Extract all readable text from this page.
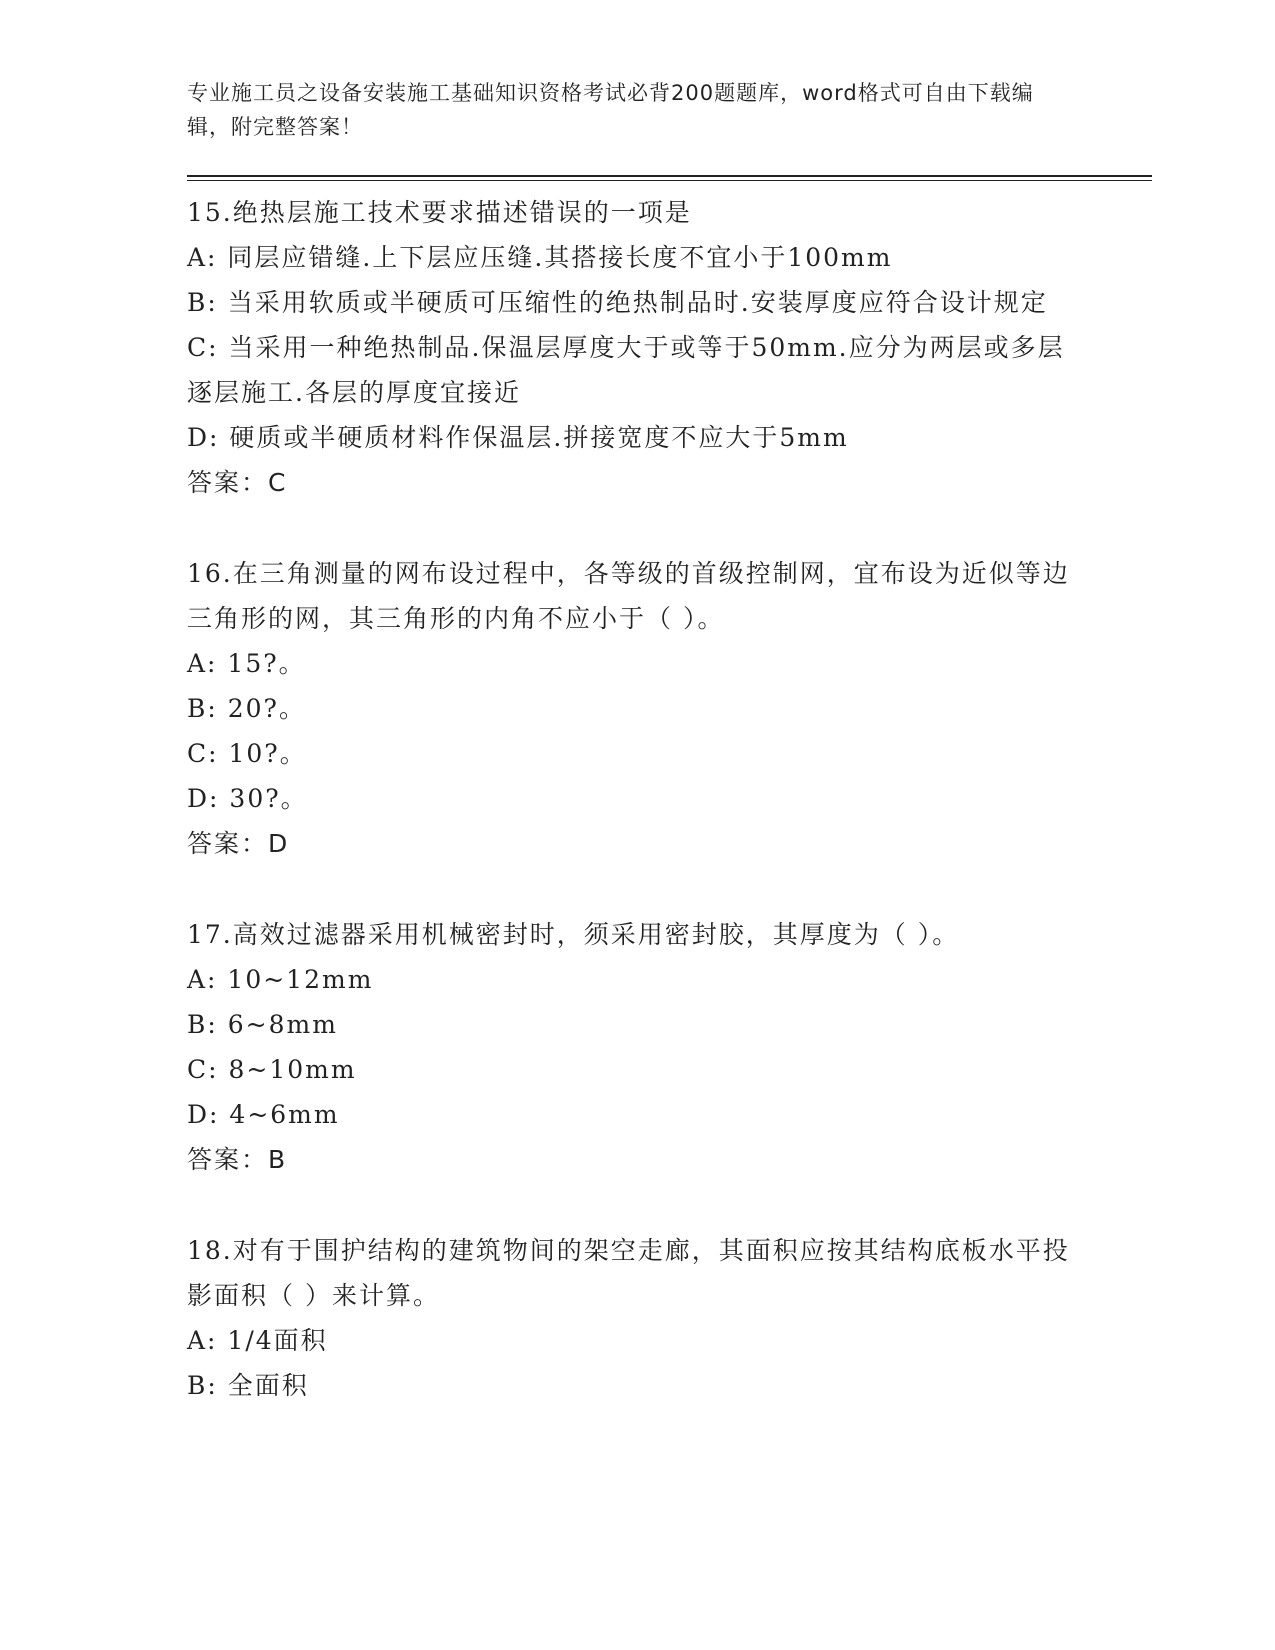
专业施工员之设备安装施工基础知识资格考试必背200题题库，word格式可自由下载编辑，附完整答案！
15.绝热层施工技术要求描述错误的一项是
A: 同层应错缝.上下层应压缝.其搭接长度不宜小于100mm
B: 当采用软质或半硬质可压缩性的绝热制品时.安装厚度应符合设计规定
C: 当采用一种绝热制品.保温层厚度大于或等于50mm.应分为两层或多层逐层施工.各层的厚度宜接近
D: 硬质或半硬质材料作保温层.拼接宽度不应大于5mm
答案：C
16.在三角测量的网布设过程中，各等级的首级控制网，宜布设为近似等边三角形的网，其三角形的内角不应小于（ ）。
A: 15?。
B: 20?。
C: 10?。
D: 30?。
答案：D
17.高效过滤器采用机械密封时，须采用密封胶，其厚度为（ ）。
A: 10~12mm
B: 6~8mm
C: 8~10mm
D: 4~6mm
答案：B
18.对有于围护结构的建筑物间的架空走廊，其面积应按其结构底板水平投影面积（ ）来计算。
A: 1/4面积
B: 全面积
